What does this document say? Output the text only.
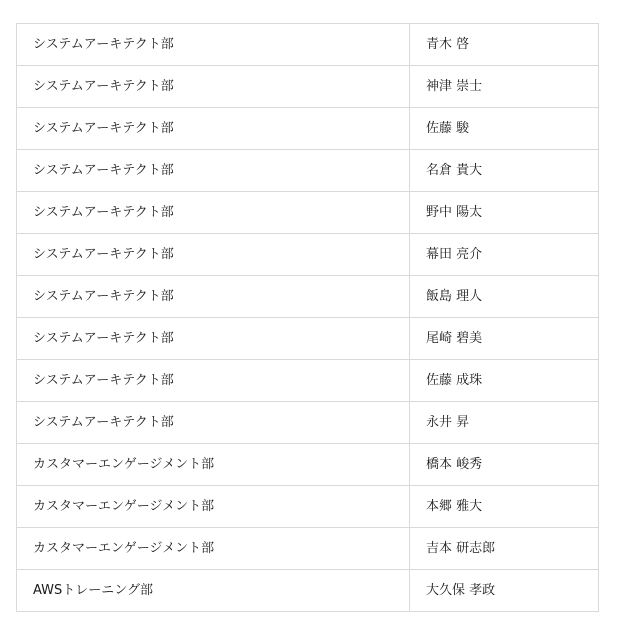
システムアーキテクト部	青木 啓
システムアーキテクト部	神津 崇士
システムアーキテクト部	佐藤 駿
システムアーキテクト部	名倉 貴大
システムアーキテクト部	野中 陽太
システムアーキテクト部	幕田 亮介
システムアーキテクト部	飯島 理人
システムアーキテクト部	尾崎 碧美
システムアーキテクト部	佐藤 成珠
システムアーキテクト部	永井 昇
カスタマーエンゲージメント部	橋本 峻秀
カスタマーエンゲージメント部	本郷 雅大
カスタマーエンゲージメント部	吉本 研志郎
AWSトレーニング部	大久保 孝政
